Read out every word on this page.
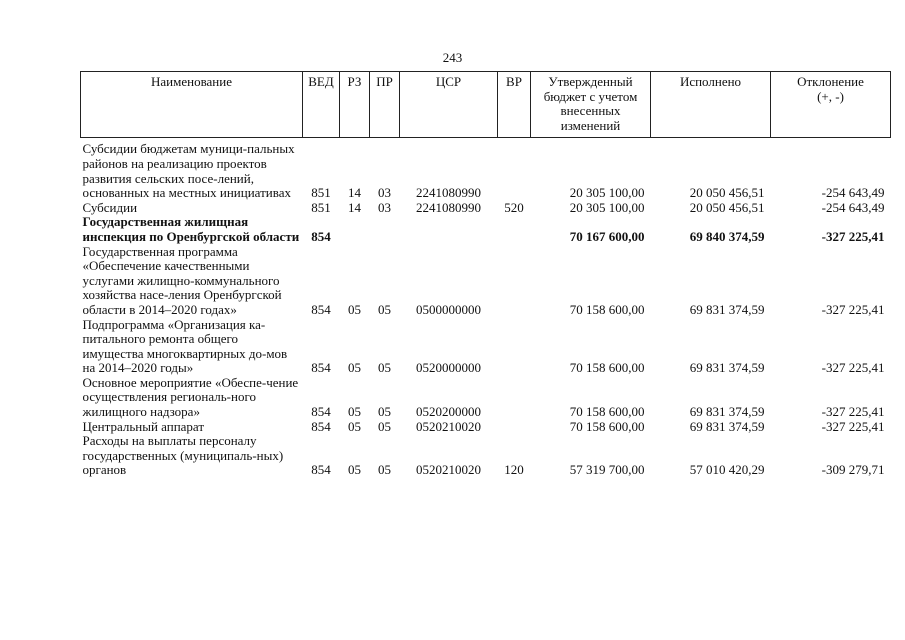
243
Наименование	ВЕД	РЗ	ПР	ЦСР	ВР	Утвержденный бюджет с учетом внесенных изменений	Исполнено	Отклонение (+, -)
Субсидии бюджетам муници-пальных районов на реализацию проектов развития сельских посе-лений, основанных на местных инициативах	851	14	03	2241080990		20 305 100,00	20 050 456,51	-254 643,49
Субсидии	851	14	03	2241080990	520	20 305 100,00	20 050 456,51	-254 643,49
Государственная жилищная инспекция по Оренбургской области	854					70 167 600,00	69 840 374,59	-327 225,41
Государственная программа «Обеспечение качественными услугами жилищно-коммунального хозяйства насе-ления Оренбургской области в 2014–2020 годах»	854	05	05	0500000000		70 158 600,00	69 831 374,59	-327 225,41
Подпрограмма «Организация ка-питального ремонта общего имущества многоквартирных до-мов на 2014–2020 годы»	854	05	05	0520000000		70 158 600,00	69 831 374,59	-327 225,41
Основное мероприятие «Обеспе-чение осуществления региональ-ного жилищного надзора»	854	05	05	0520200000		70 158 600,00	69 831 374,59	-327 225,41
Центральный аппарат	854	05	05	0520210020		70 158 600,00	69 831 374,59	-327 225,41
Расходы на выплаты персоналу государственных (муниципаль-ных) органов	854	05	05	0520210020	120	57 319 700,00	57 010 420,29	-309 279,71
